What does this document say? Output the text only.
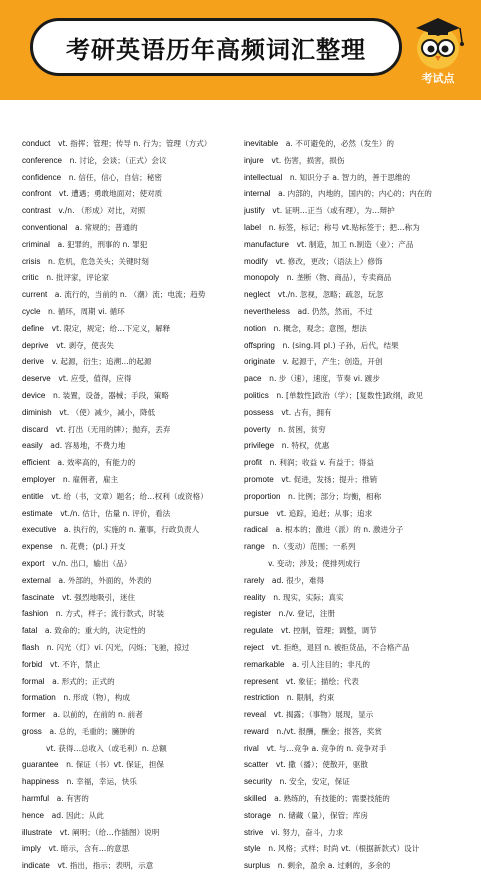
考研英语历年高频词汇整理
考试点
conduct  vt. 指挥；管理；传导 n. 行为；管理（方式）
conference  n. 讨论，会谈；（正式）会议
confidence  n. 信任，信心，自信；秘密
confront  vt. 遭遇；勇敢地面对；使对质
contrast  v./n. （形成）对比，对照
conventional  a. 常规的；普通的
criminal  a. 犯罪的，刑事的 n. 罪犯
crisis  n. 危机，危急关头；关键时刻
critic  n. 批评家，评论家
current  a. 流行的，当前的 n. （潮）流；电流；趋势
cycle  n. 循环，周期 vi. 循环
define  vt. 限定，规定；给…下定义，解释
deprive  vt. 剥夺，使丧失
derive  v. 起源，衍生；追溯…的起源
deserve  vt. 应受，值得，应得
device  n. 装置，设备，器械；手段，策略
diminish  vt. （使）减少，减小，降低
discard  vt. 打出（无用的牌）；抛弃，丢弃
easily  ad. 容易地，不费力地
efficient  a. 效率高的，有能力的
employer  n. 雇佣者，雇主
entitle  vt. 给（书，文章）题名；给…权利（或资格）
estimate  vt./n. 估计，估量 n. 评价，看法
executive  a. 执行的，实施的 n. 董事，行政负责人
expense  n. 花费；(pl.) 开支
export  v./n. 出口，输出（品）
external  a. 外部的，外面的，外表的
fascinate  vt. 强烈地吸引，迷住
fashion  n. 方式，样子；流行款式，时装
fatal  a. 致命的；重大的，决定性的
flash  n. 闪光（灯）vi. 闪光，闪烁；飞驰，掠过
forbid  vt. 不许，禁止
formal  a. 形式的；正式的
formation  n. 形成（物），构成
former  a. 以前的，在前的 n. 前者
gross  a. 总的，毛重的；臃肿的
vt. 获得…总收入（或毛利）n. 总额
guarantee  n. 保证（书）vt. 保证，担保
happiness  n. 幸福，幸运，快乐
harmful  a. 有害的
hence  ad. 因此；从此
illustrate  vt. 阐明；（给…作插图）说明
imply  vt. 暗示，含有…的意思
indicate  vt. 指出，指示；表明，示意
inevitable  a. 不可避免的，必然（发生）的
injure  vt. 伤害，损害，损伤
intellectual  n. 知识分子 a. 智力的，善于思维的
internal  a. 内部的，内地的，国内的；内心的；内在的
justify  vt. 证明…正当（或有理），为…辩护
label  n. 标签，标记；称号 vt.贴标签于；把…称为
manufacture  vt. 制造，加工 n.制造（业）；产品
modify  vt. 修改，更改；（语法上）修饰
monopoly  n. 垄断（物、商品），专卖商品
neglect  vt./n. 忽视，忽略；疏忽，玩忽
nevertheless  ad. 仍然，然而，不过
notion  n. 概念，观念；意图，想法
offspring  n. (sing.同 pl.) 子孙，后代，结果
originate  v. 起源于，产生；创造，开创
pace  n. 步（速），速度，节奏 vi. 踱步
politics  n. [单数性]政治（学）；[复数性]政纲，政见
possess  vt. 占有，拥有
poverty  n. 贫困，贫穷
privilege  n. 特权，优惠
profit  n. 利润；收益 v. 有益于；得益
promote  vt. 促进，发扬；提升；推销
proportion  n. 比例；部分；均衡，相称
pursue  vt. 追踪，追赶；从事；追求
radical  a. 根本的；激进（派）的 n. 激进分子
range  n.（变动）范围；一系列
v. 变动；涉及；使排列成行
rarely  ad. 很少，难得
reality  n. 现实，实际；真实
register  n./v. 登记，注册
regulate  vt. 控制，管理；调整，调节
reject  vt. 拒绝，退回 n. 被拒货品，不合格产品
remarkable  a. 引人注目的；非凡的
represent  vt. 象征；描绘；代表
restriction  n. 限制，约束
reveal  vt. 揭露；（事物）展现，显示
reward  n./vt. 报酬，酬金；报答，奖赏
rival  vt. 与…竞争 a. 竞争的 n. 竞争对手
scatter  vt. 撒（播）；使散开，驱散
security  n. 安全，安定，保证
skilled  a. 熟练的，有技能的；需要技能的
storage  n. 储藏（量），保管；库房
strive  vi. 努力，奋斗，力求
style  n. 风格；式样；时尚 vt.（根据新款式）设计
surplus  n. 剩余，盈余 a. 过剩的，多余的
